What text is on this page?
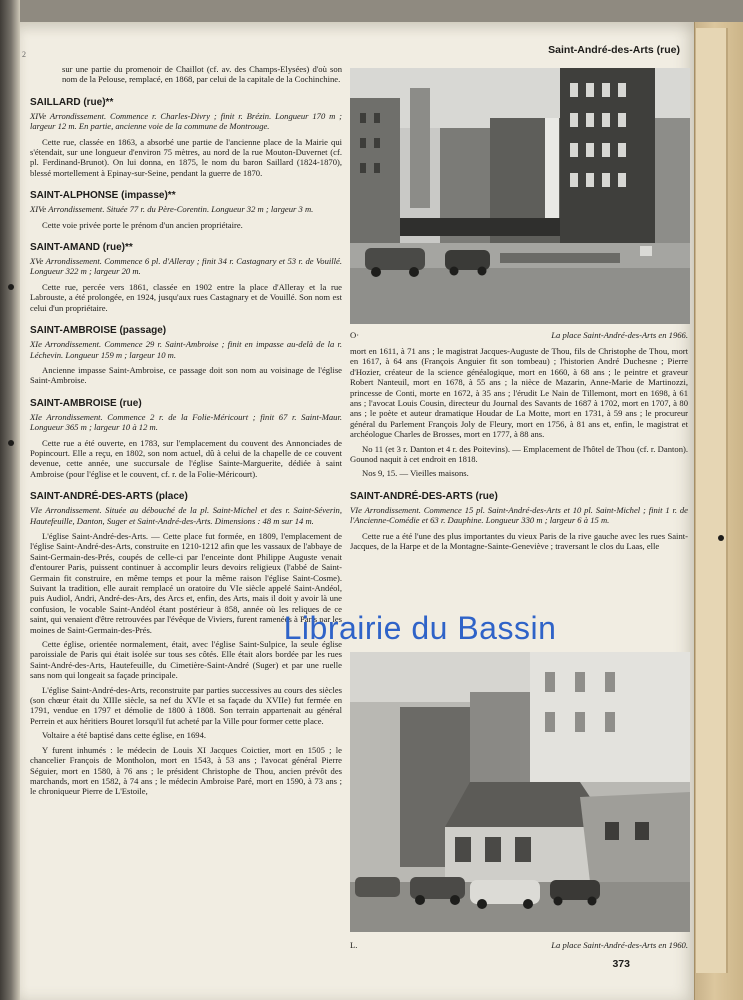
2	Saint-André-des-Arts (rue)
373

sur une partie du promenoir de Chaillot (cf. av. des Champs-Elysées) d'où son nom de la Pelouse, remplacé, en 1868, par celui de la capitale de la Cochinchine.

SAILLARD (rue)**

XIVe Arrondissement. Commence r. Charles-Divry ; finit r. Brézin. Longueur 170 m ; largeur 12 m. En partie, ancienne voie de la commune de Montrouge.

Cette rue, classée en 1863, a absorbé une partie de l'ancienne place de la Mairie qui s'étendait, sur une longueur d'environ 75 mètres, au nord de la rue Mouton-Duvernet (cf. pl. Ferdinand-Brunot). On lui donna, en 1875, le nom du baron Saillard (1824-1870), blessé mortellement à Epinay-sur-Seine, pendant la guerre de 1870.

SAINT-ALPHONSE (impasse)**

XIVe Arrondissement. Située 77 r. du Père-Corentin. Longueur 32 m ; largeur 3 m.

Cette voie privée porte le prénom d'un ancien propriétaire.

SAINT-AMAND (rue)**

XVe Arrondissement. Commence 6 pl. d'Alleray ; finit 34 r. Castagnary et 53 r. de Vouillé. Longueur 322 m ; largeur 20 m.

Cette rue, percée vers 1861, classée en 1902 entre la place d'Alleray et la rue Labrouste, a été prolongée, en 1924, jusqu'aux rues Castagnary et de Vouillé. Son nom est celui d'un propriétaire.

SAINT-AMBROISE (passage)

XIe Arrondissement. Commence 29 r. Saint-Ambroise ; finit en impasse au-delà de la r. Léchevin. Longueur 159 m ; largeur 10 m.

Ancienne impasse Saint-Ambroise, ce passage doit son nom au voisinage de l'église Saint-Ambroise.

SAINT-AMBROISE (rue)

XIe Arrondissement. Commence 2 r. de la Folie-Méricourt ; finit 67 r. Saint-Maur. Longueur 365 m ; largeur 10 à 12 m.

Cette rue a été ouverte, en 1783, sur l'emplacement du couvent des Annonciades de Popincourt. Elle a reçu, en 1802, son nom actuel, dû à celui de la chapelle de ce couvent devenue, cette année, une succursale de l'église Sainte-Marguerite, dédiée à saint Ambroise (pour l'église et le couvent, cf. r. de la Folie-Méricourt).

SAINT-ANDRÉ-DES-ARTS (place)

VIe Arrondissement. Située au débouché de la pl. Saint-Michel et des r. Saint-Séverin, Hautefeuille, Danton, Suger et Saint-André-des-Arts. Dimensions : 48 m sur 14 m.

L'église Saint-André-des-Arts. — Cette place fut formée, en 1809, l'emplacement de l'église Saint-André-des-Arts, construite en 1210-1212 afin que les vassaux de l'abbaye de Saint-Germain-des-Prés, coupés de celle-ci par l'enceinte dont Philippe Auguste venait d'entourer Paris, puissent continuer à accomplir leurs devoirs religieux (l'abbé de Saint-Germain fit construire, en même temps et pour la même raison l'église Saint-Cosme). Suivant la tradition, elle aurait remplacé un oratoire du VIe siècle appelé Saint-Andéol, puis Audiol, Andri, André-des-Ars, des Arcs et, enfin, des Arts, mais il doit y avoir là une confusion, le vocable Saint-Andéol étant postérieur à 858, année où les reliques de ce saint, qui venaient d'être retrouvées par l'évêque de Viviers, furent ramenées à Paris par les moines de Saint-Germain-des-Prés.

Cette église, orientée normalement, était, avec l'église Saint-Sulpice, la seule église paroissiale de Paris qui était isolée sur tous ses côtés. Elle était alors bordée par les rues Saint-André-des-Arts, Hautefeuille, du Cimetière-Saint-André (Suger) et par une ruelle sans nom qui longeait sa façade principale.

L'église Saint-André-des-Arts, reconstruite par parties successives au cours des siècles (son chœur était du XIIIe siècle, sa nef du XVIe et sa façade du XVIIe) fut fermée en 1791, vendue en 1797 et démolie de 1800 à 1808. Son terrain appartenait au général Perrein et aux héritiers Bouret lorsqu'il fut acheté par la Ville pour former cette place.

Voltaire a été baptisé dans cette église, en 1694.

Y furent inhumés : le médecin de Louis XI Jacques Coictier, mort en 1505 ; le chancelier François de Montholon, mort en 1543, à 53 ans ; l'avocat général Pierre Séguier, mort en 1580, à 76 ans ; le président Christophe de Thou, ancien prévôt des marchands, mort en 1582, à 74 ans ; le médecin Ambroise Paré, mort en 1590, à 73 ans ; le chroniqueur Pierre de L'Estoile,

O·	La place Saint-André-des-Arts en 1966.

mort en 1611, à 71 ans ; le magistrat Jacques-Auguste de Thou, fils de Christophe de Thou, mort en 1617, à 64 ans (François Anguier fit son tombeau) ; l'historien André Duchesne ; Pierre d'Hozier, créateur de la science généalogique, mort en 1660, à 68 ans ; le peintre et graveur Robert Nanteuil, mort en 1678, à 55 ans ; la nièce de Mazarin, Anne-Marie de Martinozzi, princesse de Conti, morte en 1672, à 35 ans ; l'érudit Le Nain de Tillemont, mort en 1698, à 61 ans ; l'avocat Louis Cousin, directeur du Journal des Savants de 1687 à 1702, mort en 1707, à 80 ans ; le poète et auteur dramatique Houdar de La Motte, mort en 1731, à 59 ans ; le procureur général du Parlement François Joly de Fleury, mort en 1756, à 81 ans et, enfin, le magistrat et archéologue Charles de Brosses, mort en 1777, à 88 ans.

No 11 (et 3 r. Danton et 4 r. des Poitevins). — Emplacement de l'hôtel de Thou (cf. r. Danton). Gounod naquit à cet endroit en 1818.

Nos 9, 15. — Vieilles maisons.

SAINT-ANDRÉ-DES-ARTS (rue)

VIe Arrondissement. Commence 15 pl. Saint-André-des-Arts et 10 pl. Saint-Michel ; finit 1 r. de l'Ancienne-Comédie et 63 r. Dauphine. Longueur 330 m ; largeur 6 à 15 m.

Cette rue a été l'une des plus importantes du vieux Paris de la rive gauche avec les rues Saint-Jacques, de la Harpe et de la Montagne-Sainte-Geneviève ; traversant le clos du Laas, elle

L.	La place Saint-André-des-Arts en 1960.
Librairie du Bassin
